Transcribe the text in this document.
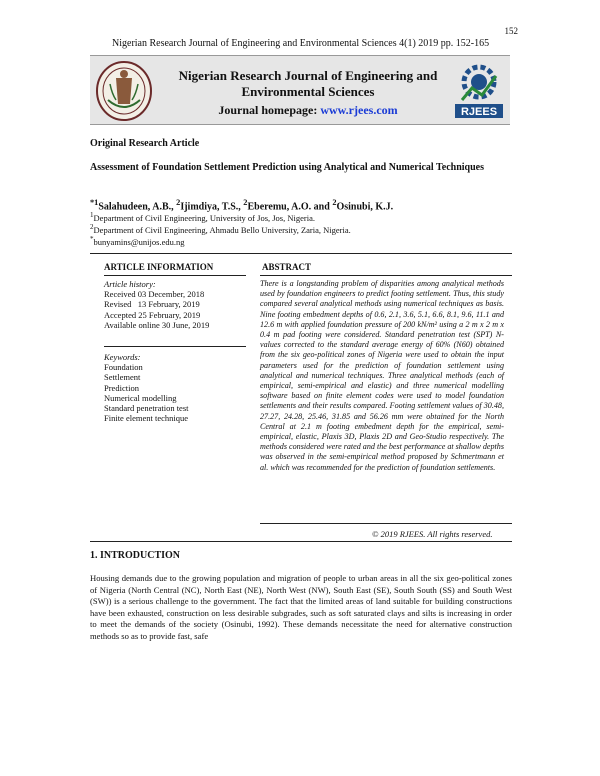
152
Nigerian Research Journal of Engineering and Environmental Sciences 4(1) 2019 pp. 152-165
Nigerian Research Journal of Engineering and Environmental Sciences
Journal homepage: www.rjees.com	RJEES
Original Research Article
Assessment of Foundation Settlement Prediction using Analytical and Numerical Techniques
$^{*1}$Salahudeen, A.B., $^2$Ijimdiya, T.S., $^2$Eberemu, A.O. and $^2$Osinubi, K.J.
$^1$Department of Civil Engineering, University of Jos, Jos, Nigeria.
$^2$Department of Civil Engineering, Ahmadu Bello University, Zaria, Nigeria.
*bunyamins@unijos.edu.ng
ARTICLE INFORMATION	ABSTRACT
Article history:
Received 03 December, 2018
Revised   13 February, 2019
Accepted 25 February, 2019
Available online 30 June, 2019
Keywords:
Foundation
Settlement
Prediction
Numerical modelling
Standard penetration test
Finite element technique
There is a longstanding problem of disparities among analytical methods used by foundation engineers to predict footing settlement. Thus, this study compared several analytical methods using numerical techniques as basis. Nine footing embedment depths of 0.6, 2.1, 3.6, 5.1, 6.6, 8.1, 9.6, 11.1 and 12.6 m with applied foundation pressure of 200 kN/m² using a 2 m x 2 m x 0.4 m pad footing were considered. Standard penetration test (SPT) N-values corrected to the standard average energy of 60% (N60) obtained from the six geo-political zones of Nigeria were used to obtain the input parameters used for the prediction of foundation settlement using analytical and numerical techniques. Three analytical methods (each of empirical, semi-empirical and elastic) and three numerical modelling software based on finite element codes were used to model foundation settlements and their results compared. Footing settlement values of 30.48, 27.27, 24.28, 25.46, 31.85 and 56.26 mm were obtained for the North Central at 2.1 m footing embedment depth for the empirical, semi-empirical, elastic, Plaxis 3D, Plaxis 2D and Geo-Studio respectively. The methods considered were rated and the best performance at shallow depths was observed in the semi-empirical method proposed by Schmertmann et al. which was recommended for the prediction of foundation settlements.
© 2019 RJEES. All rights reserved.
1. INTRODUCTION
Housing demands due to the growing population and migration of people to urban areas in all the six geo-political zones of Nigeria (North Central (NC), North East (NE), North West (NW), South East (SE), South South (SS) and South West (SW)) is a serious challenge to the government. The fact that the limited areas of land suitable for building constructions have been exhausted, construction on less desirable subgrades, such as soft saturated clays and silts is increasing in order to meet the demands of the society (Osinubi, 1992). These demands necessitate the need for alternative construction methods so as to provide fast, safe
